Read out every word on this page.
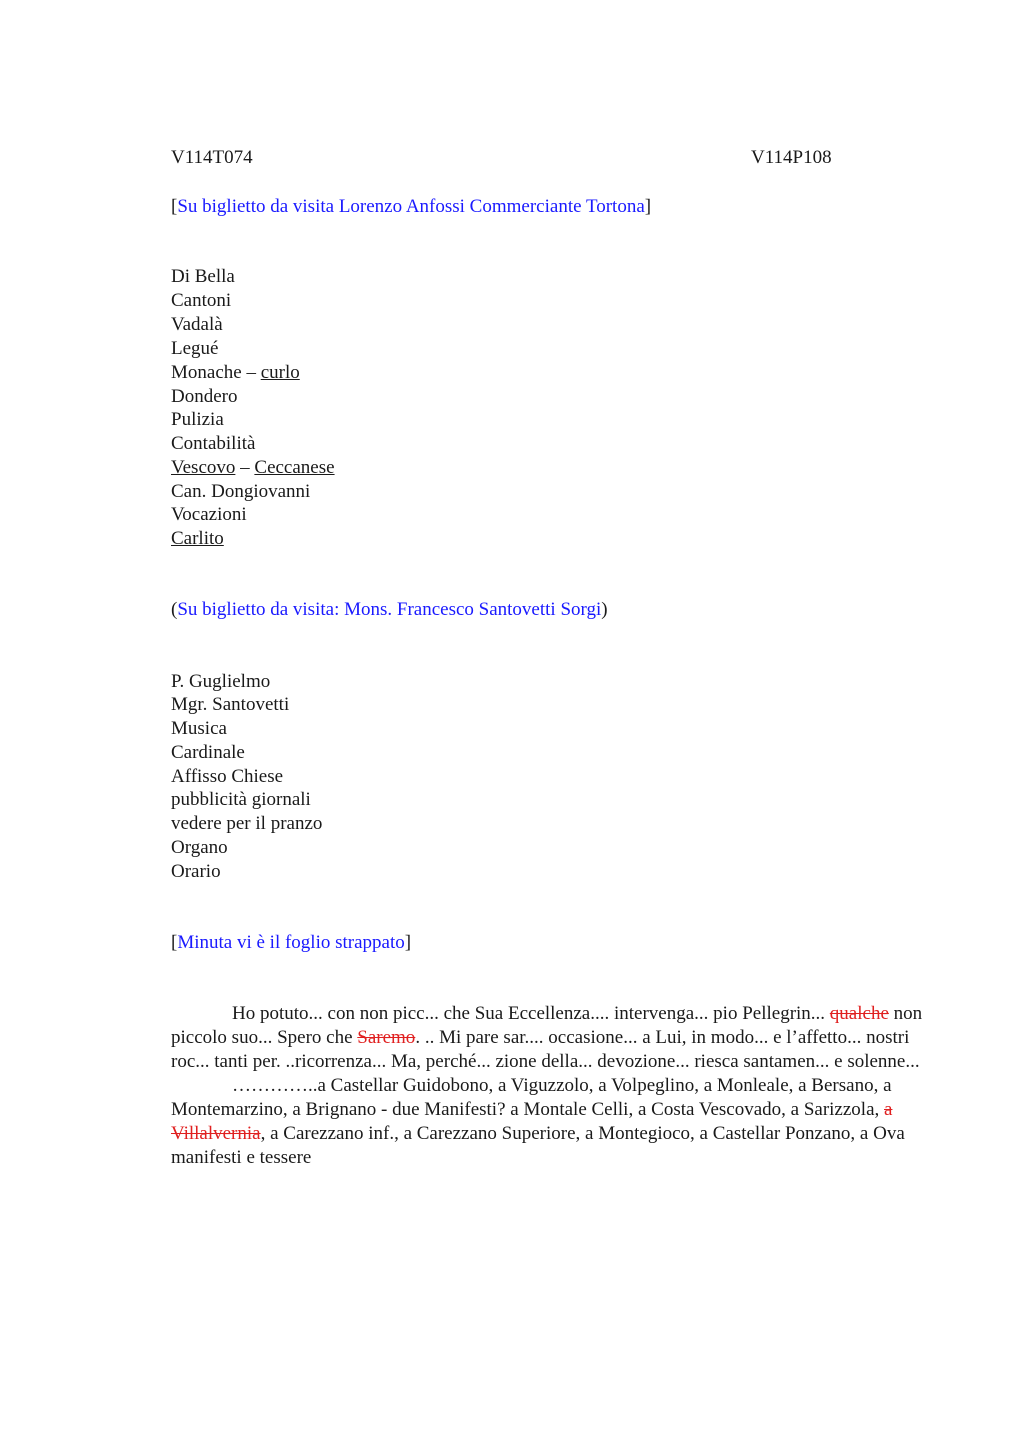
V114T074	V114P108
[Su biglietto da visita Lorenzo Anfossi Commerciante Tortona]
Di Bella
Cantoni
Vadalà
Legué
Monache – curlo
Dondero
Pulizia
Contabilità
Vescovo – Ceccanese
Can. Dongiovanni
Vocazioni
Carlito
(Su biglietto da visita: Mons. Francesco Santovetti Sorgi)
P. Guglielmo
Mgr. Santovetti
Musica
Cardinale
Affisso Chiese
pubblicità giornali
vedere per il pranzo
Organo
Orario
[Minuta vi è il foglio strappato]

Ho potuto... con non picc... che Sua Eccellenza.... intervenga... pio Pellegrin... qualche non piccolo suo... Spero che Saremo. .. Mi pare sar.... occasione... a Lui, in modo... e l’affetto... nostri roc... tanti per. ..ricorrenza... Ma, perché... zione della... devozione... riesca santamen... e solenne...

…………..a Castellar Guidobono, a Viguzzolo, a Volpeglino, a Monleale, a Bersano, a Montemarzino, a Brignano - due Manifesti? a Montale Celli, a Costa Vescovado, a Sarizzola, a Villalvernia, a Carezzano inf., a Carezzano Superiore, a Montegioco, a Castellar Ponzano, a Ova manifesti e tessere
